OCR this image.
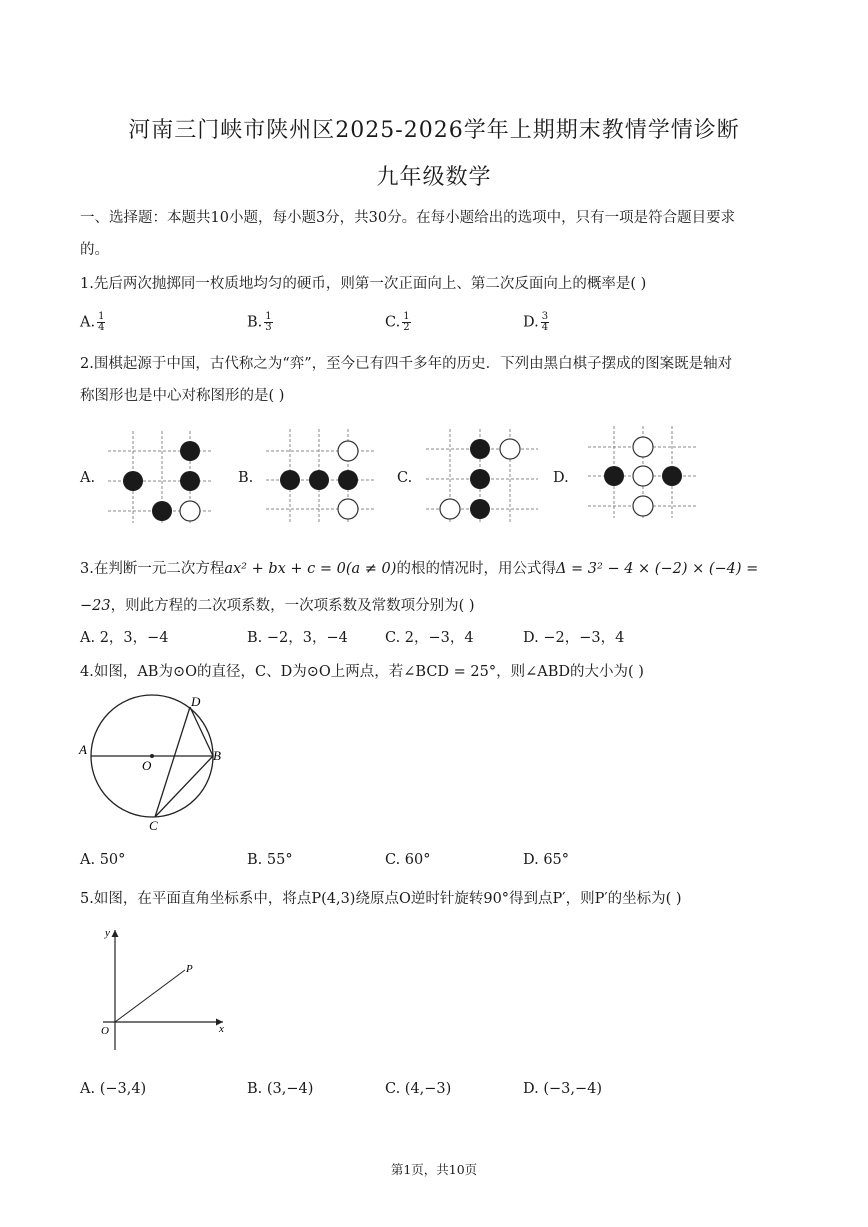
河南三门峡市陕州区2025-2026学年上期期末教情学情诊断
九年级数学
一、选择题：本题共10小题，每小题3分，共30分。在每小题给出的选项中，只有一项是符合题目要求
的。
1.先后两次抛掷同一枚质地均匀的硬币，则第一次正面向上、第二次反面向上的概率是( )
A. $\frac{1}{4}$	B. $\frac{1}{3}$	C. $\frac{1}{2}$	D. $\frac{3}{4}$
2.围棋起源于中国，古代称之为“弈”，至今已有四千多年的历史．下列由黑白棋子摆成的图案既是轴对
称图形也是中心对称图形的是( )
A.	B.	C.	D.
3.在判断一元二次方程ax² + bx + c = 0(a ≠ 0)的根的情况时，用公式得Δ = 3² − 4 × (−2) × (−4) =
−23，则此方程的二次项系数，一次项系数及常数项分别为( )
A. 2，3，−4	B. −2，3，−4	C. 2，−3，4	D. −2，−3，4
4.如图，AB为⊙O的直径，C、D为⊙O上两点，若∠BCD = 25°，则∠ABD的大小为( )
A	B
C
D
O
A. 50°	B. 55°	C. 60°	D. 65°
5.如图，在平面直角坐标系中，将点P(4,3)绕原点O逆时针旋转90°得到点P′，则P′的坐标为( )
y
x
O
P
A. (−3,4)	B. (3,−4)	C. (4,−3)	D. (−3,−4)
第1页，共10页
